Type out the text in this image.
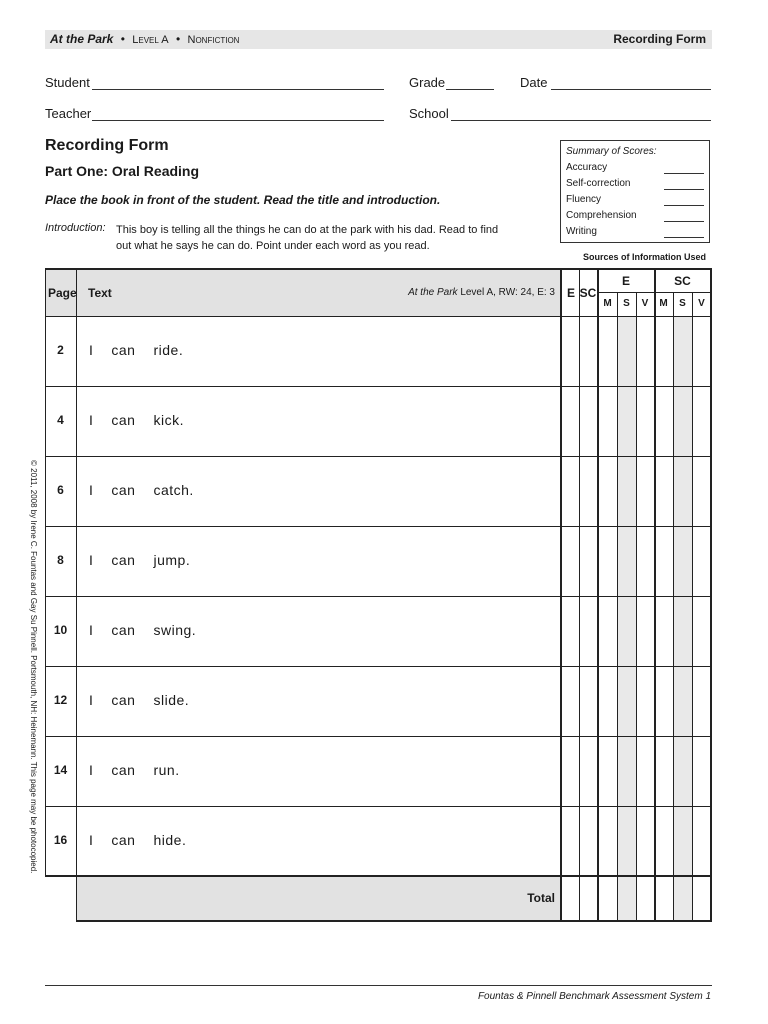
At the Park • Level A • Nonfiction	Recording Form
Student	Grade	Date
Teacher	School
Recording Form
Part One: Oral Reading
Place the book in front of the student. Read the title and introduction.
Introduction: This boy is telling all the things he can do at the park with his dad. Read to find out what he says he can do. Point under each word as you read.
Summary of Scores:
Accuracy
Self-correction
Fluency
Comprehension
Writing
Sources of Information Used
Page Text	At the Park Level A, RW: 24, E: 3 E SC
E	SC
M	S	V	M	S	V
2	I can ride.
4	I can kick.
6	I can catch.
8	I can jump.
10	I can swing.
12	I can slide.
14	I can run.
16	I can hide.
Total
© 2011, 2008 by Irene C. Fountas and Gay Su Pinnell. Portsmouth, NH: Heinemann. This page may be photocopied.
Fountas & Pinnell Benchmark Assessment System 1
